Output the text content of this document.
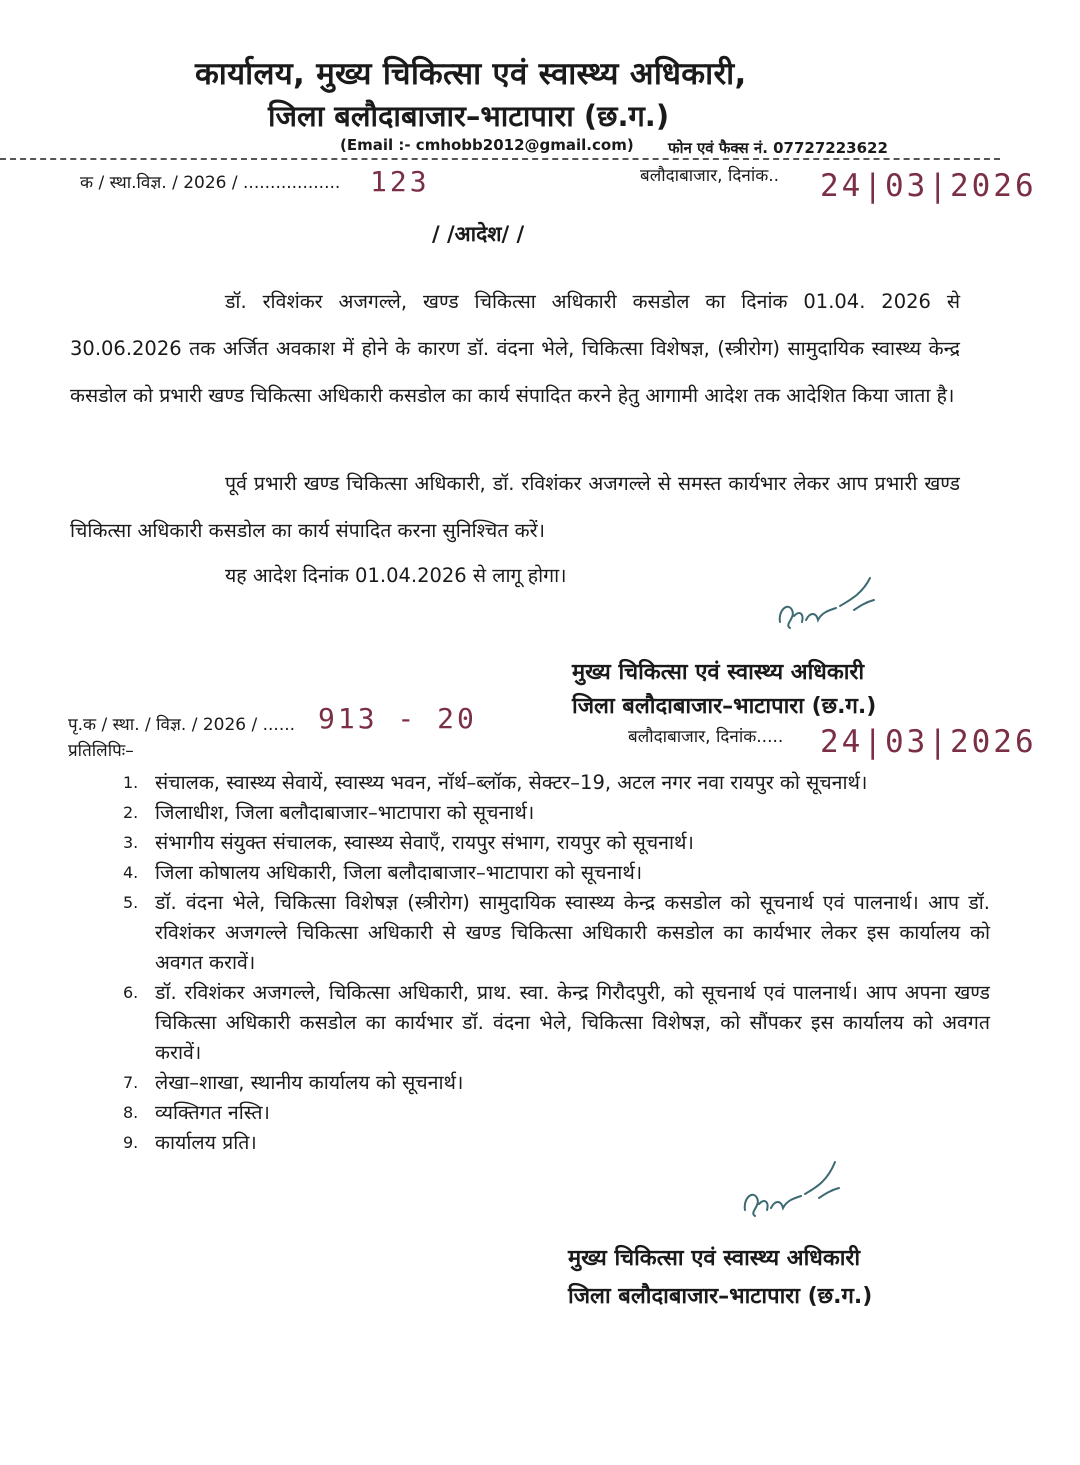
कार्यालय, मुख्य चिकित्सा एवं स्वास्थ्य अधिकारी,
जिला बलौदाबाजार–भाटापारा (छ.ग.)
(Email :- cmhobb2012@gmail.com) फोन एवं फैक्स नं. 07727223622
क / स्था.विज्ञ. / 2026 / .................. 123	बलौदाबाजार, दिनांक.. 24|03|2026
/ /आदेश/ /
डॉ. रविशंकर अजगल्ले, खण्ड चिकित्सा अधिकारी कसडोल का दिनांक 01.04. 2026 से 30.06.2026 तक अर्जित अवकाश में होने के कारण डॉ. वंदना भेले, चिकित्सा विशेषज्ञ, (स्त्रीरोग) सामुदायिक स्वास्थ्य केन्द्र कसडोल को प्रभारी खण्ड चिकित्सा अधिकारी कसडोल का कार्य संपादित करने हेतु आगामी आदेश तक आदेशित किया जाता है।
पूर्व प्रभारी खण्ड चिकित्सा अधिकारी, डॉ. रविशंकर अजगल्ले से समस्त कार्यभार लेकर आप प्रभारी खण्ड चिकित्सा अधिकारी कसडोल का कार्य संपादित करना सुनिश्चित करें।
यह आदेश दिनांक 01.04.2026 से लागू होगा।
मुख्य चिकित्सा एवं स्वास्थ्य अधिकारी
जिला बलौदाबाजार–भाटापारा (छ.ग.)
पृ.क / स्था. / विज्ञ. / 2026 / ...... 913 - 20
बलौदाबाजार, दिनांक..... 24|03|2026
प्रतिलिपिः–
1. संचालक, स्वास्थ्य सेवायें, स्वास्थ्य भवन, नॉर्थ–ब्लॉक, सेक्टर–19, अटल नगर नवा रायपुर को सूचनार्थ।
2. जिलाधीश, जिला बलौदाबाजार–भाटापारा को सूचनार्थ।
3. संभागीय संयुक्त संचालक, स्वास्थ्य सेवाएँ, रायपुर संभाग, रायपुर को सूचनार्थ।
4. जिला कोषालय अधिकारी, जिला बलौदाबाजार–भाटापारा को सूचनार्थ।
5. डॉ. वंदना भेले, चिकित्सा विशेषज्ञ (स्त्रीरोग) सामुदायिक स्वास्थ्य केन्द्र कसडोल को सूचनार्थ एवं पालनार्थ। आप डॉ. रविशंकर अजगल्ले चिकित्सा अधिकारी से खण्ड चिकित्सा अधिकारी कसडोल का कार्यभार लेकर इस कार्यालय को अवगत करावें।
6. डॉ. रविशंकर अजगल्ले, चिकित्सा अधिकारी, प्राथ. स्वा. केन्द्र गिरौदपुरी, को सूचनार्थ एवं पालनार्थ। आप अपना खण्ड चिकित्सा अधिकारी कसडोल का कार्यभार डॉ. वंदना भेले, चिकित्सा विशेषज्ञ, को सौंपकर इस कार्यालय को अवगत करावें।
7. लेखा–शाखा, स्थानीय कार्यालय को सूचनार्थ।
8. व्यक्तिगत नस्ति।
9. कार्यालय प्रति।
मुख्य चिकित्सा एवं स्वास्थ्य अधिकारी
जिला बलौदाबाजार–भाटापारा (छ.ग.)
